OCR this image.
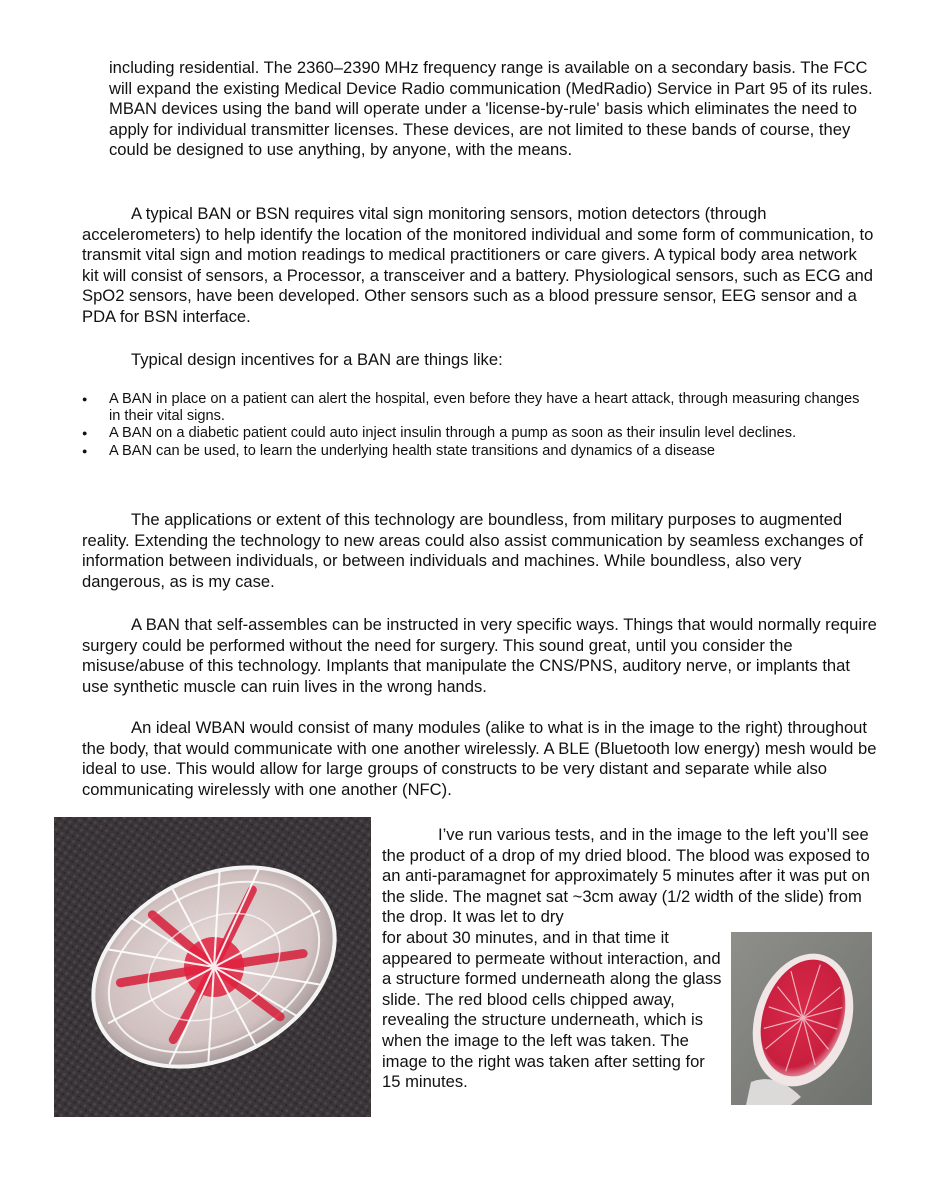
including residential. The 2360–2390 MHz frequency range is available on a secondary basis. The FCC will expand the existing Medical Device Radio communication (MedRadio) Service in Part 95 of its rules. MBAN devices using the band will operate under a 'license-by-rule' basis which eliminates the need to apply for individual transmitter licenses. These devices, are not limited to these bands of course, they could be designed to use anything, by anyone, with the means.

A typical BAN or BSN requires vital sign monitoring sensors, motion detectors (through accelerometers) to help identify the location of the monitored individual and some form of communication, to transmit vital sign and motion readings to medical practitioners or care givers. A typical body area network kit will consist of sensors, a Processor, a transceiver and a battery. Physiological sensors, such as ECG and SpO2 sensors, have been developed. Other sensors such as a blood pressure sensor, EEG sensor and a PDA for BSN interface.

Typical design incentives for a BAN are things like:

● A BAN in place on a patient can alert the hospital, even before they have a heart attack, through measuring changes in their vital signs.
● A BAN on a diabetic patient could auto inject insulin through a pump as soon as their insulin level declines.
● A BAN can be used, to learn the underlying health state transitions and dynamics of a disease

The applications or extent of this technology are boundless, from military purposes to augmented reality. Extending the technology to new areas could also assist communication by seamless exchanges of information between individuals, or between individuals and machines. While boundless, also very dangerous, as is my case.

A BAN that self-assembles can be instructed in very specific ways. Things that would normally require surgery could be performed without the need for surgery. This sound great, until you consider the misuse/abuse of this technology. Implants that manipulate the CNS/PNS, auditory nerve, or implants that use synthetic muscle can ruin lives in the wrong hands.

An ideal WBAN would consist of many modules (alike to what is in the image to the right) throughout the body, that would communicate with one another wirelessly. A BLE (Bluetooth low energy) mesh would be ideal to use. This would allow for large groups of constructs to be very distant and separate while also communicating wirelessly with one another (NFC).

I’ve run various tests, and in the image to the left you’ll see the product of a drop of my dried blood. The blood was exposed to an anti-paramagnet for approximately 5 minutes after it was put on the slide. The magnet sat ~3cm away (1/2 width of the slide) from the drop. It was let to dry

for about 30 minutes, and in that time it appeared to permeate without interaction, and a structure formed underneath along the glass slide. The red blood cells chipped away, revealing the structure underneath, which is when the image to the left was taken. The image to the right was taken after setting for 15 minutes.
